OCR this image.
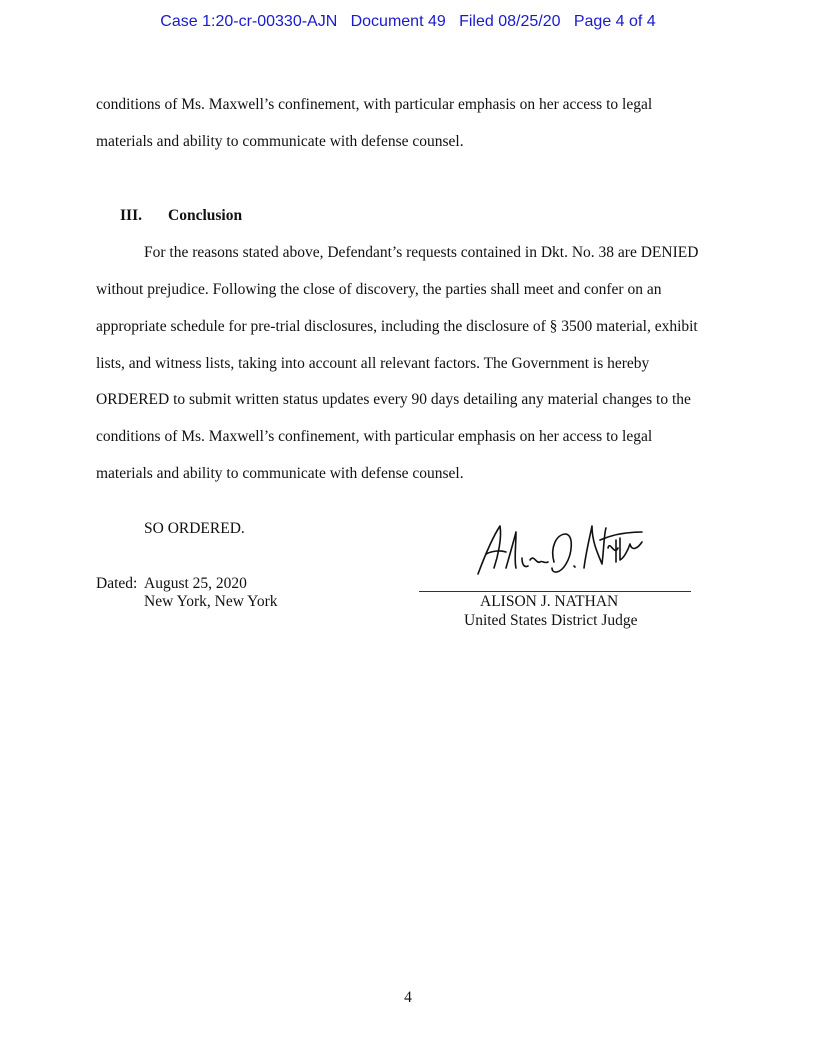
Case 1:20-cr-00330-AJN   Document 49   Filed 08/25/20   Page 4 of 4
conditions of Ms. Maxwell’s confinement, with particular emphasis on her access to legal
materials and ability to communicate with defense counsel.
III. Conclusion
For the reasons stated above, Defendant’s requests contained in Dkt. No. 38 are DENIED
without prejudice. Following the close of discovery, the parties shall meet and confer on an
appropriate schedule for pre-trial disclosures, including the disclosure of § 3500 material, exhibit
lists, and witness lists, taking into account all relevant factors. The Government is hereby
ORDERED to submit written status updates every 90 days detailing any material changes to the
conditions of Ms. Maxwell’s confinement, with particular emphasis on her access to legal
materials and ability to communicate with defense counsel.
SO ORDERED.
Dated: August 25, 2020
New York, New York	ALISON J. NATHAN
United States District Judge
4
